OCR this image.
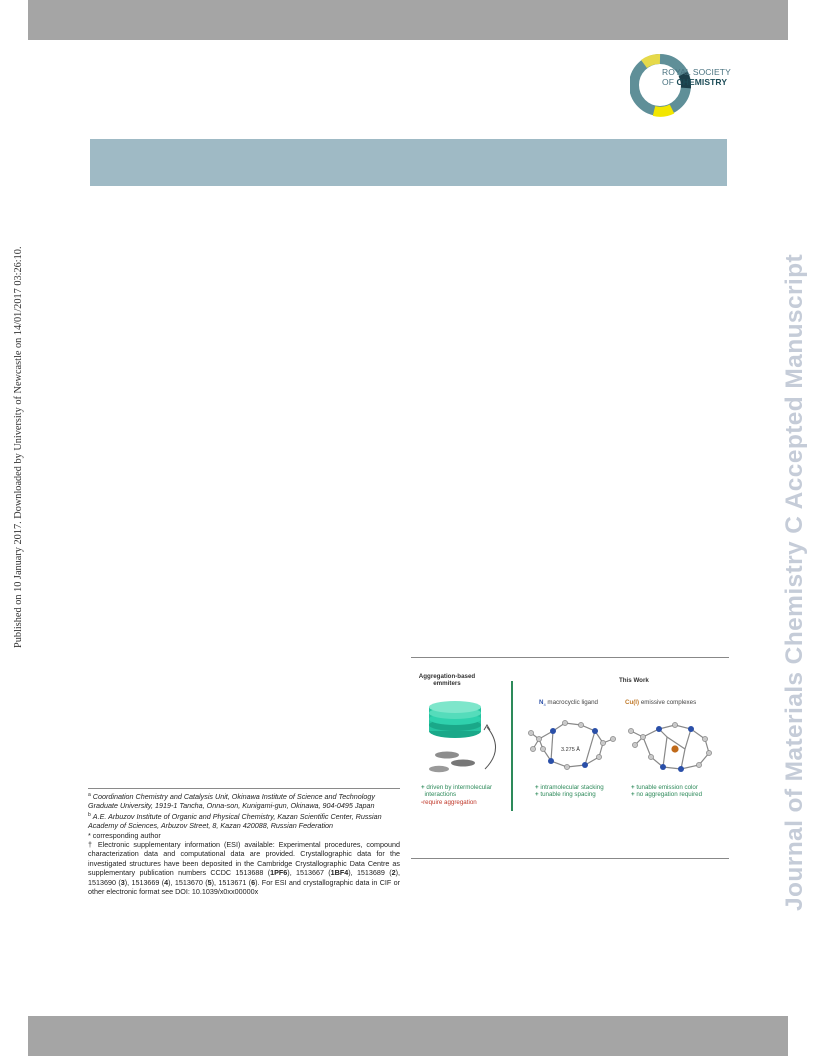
ROYAL SOCIETY
OF CHEMISTRY
Published on 10 January 2017. Downloaded by University of Newcastle on 14/01/2017 03:26:10.	Journal of Materials Chemistry C Accepted Manuscript
$^a$ Coordination Chemistry and Catalysis Unit, Okinawa Institute of Science and Technology Graduate University, 1919-1 Tancha, Onna-son, Kunigami-gun, Okinawa, 904-0495 Japan
$^b$ A.E. Arbuzov Institute of Organic and Physical Chemistry, Kazan Scientific Center, Russian Academy of Sciences, Arbuzov Street, 8, Kazan 420088, Russian Federation
* corresponding author
† Electronic supplementary information (ESI) available: Experimental procedures, compound characterization data and computational data are provided. Crystallographic data for the investigated structures have been deposited in the Cambridge Crystallographic Data Centre as supplementary publication numbers CCDC 1513688 (1PF6), 1513667 (1BF4), 1513689 (2), 1513690 (3), 1513669 (4), 1513670 (5), 1513671 (6). For ESI and crystallographic data in CIF or other electronic format see DOI: 10.1039/x0xx00000x
Aggregation-based
emmiters	This Work
$N_4$ macrocyclic ligand	Cu(I) emissive complexes
3.275 Å
+ driven by intermolecular
interactions
-require aggregation
+ intramolecular stacking
+ tunable ring spacing
+ tunable emission color
+ no aggregation required
